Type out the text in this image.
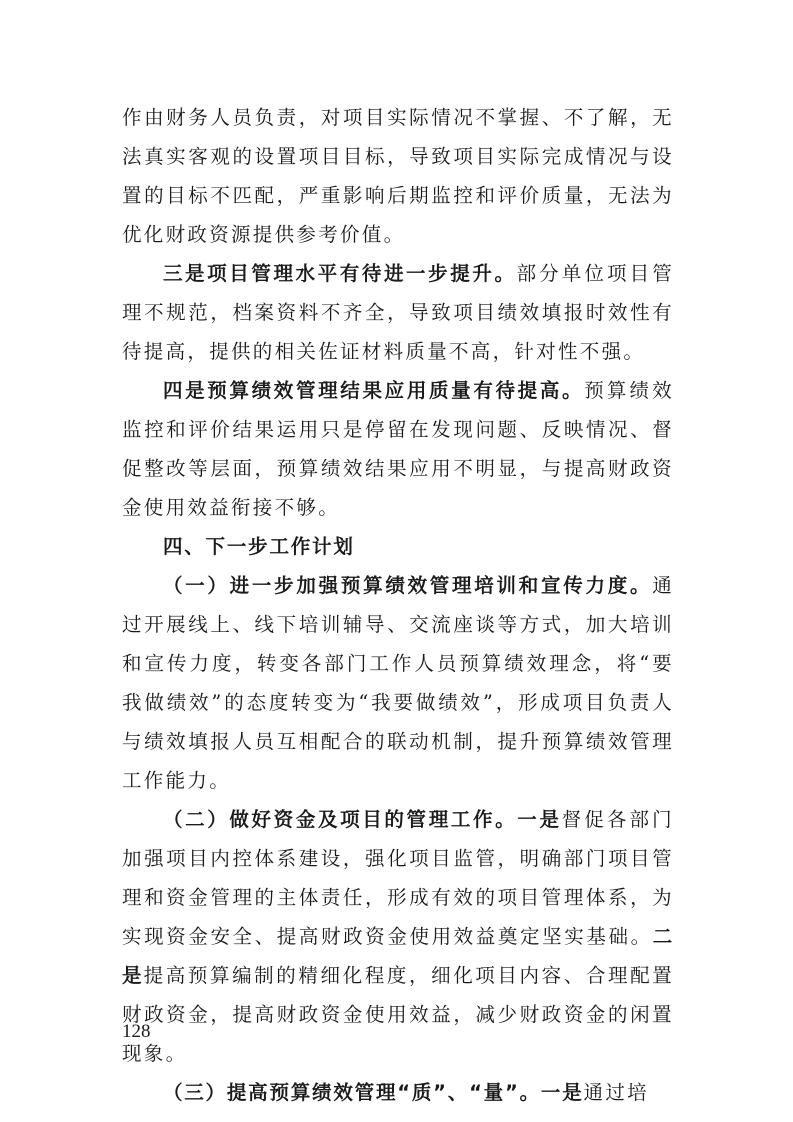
作由财务人员负责，对项目实际情况不掌握、不了解，无法真实客观的设置项目目标，导致项目实际完成情况与设置的目标不匹配，严重影响后期监控和评价质量，无法为优化财政资源提供参考价值。

三是项目管理水平有待进一步提升。部分单位项目管理不规范，档案资料不齐全，导致项目绩效填报时效性有待提高，提供的相关佐证材料质量不高，针对性不强。

四是预算绩效管理结果应用质量有待提高。预算绩效监控和评价结果运用只是停留在发现问题、反映情况、督促整改等层面，预算绩效结果应用不明显，与提高财政资金使用效益衔接不够。

四、下一步工作计划

（一）进一步加强预算绩效管理培训和宣传力度。通过开展线上、线下培训辅导、交流座谈等方式，加大培训和宣传力度，转变各部门工作人员预算绩效理念，将“要我做绩效”的态度转变为“我要做绩效”，形成项目负责人与绩效填报人员互相配合的联动机制，提升预算绩效管理工作能力。

（二）做好资金及项目的管理工作。一是督促各部门加强项目内控体系建设，强化项目监管，明确部门项目管理和资金管理的主体责任，形成有效的项目管理体系，为实现资金安全、提高财政资金使用效益奠定坚实基础。二是提高预算编制的精细化程度，细化项目内容、合理配置财政资金，提高财政资金使用效益，减少财政资金的闲置现象。

（三）提高预算绩效管理“质”、“量”。一是通过培

128
